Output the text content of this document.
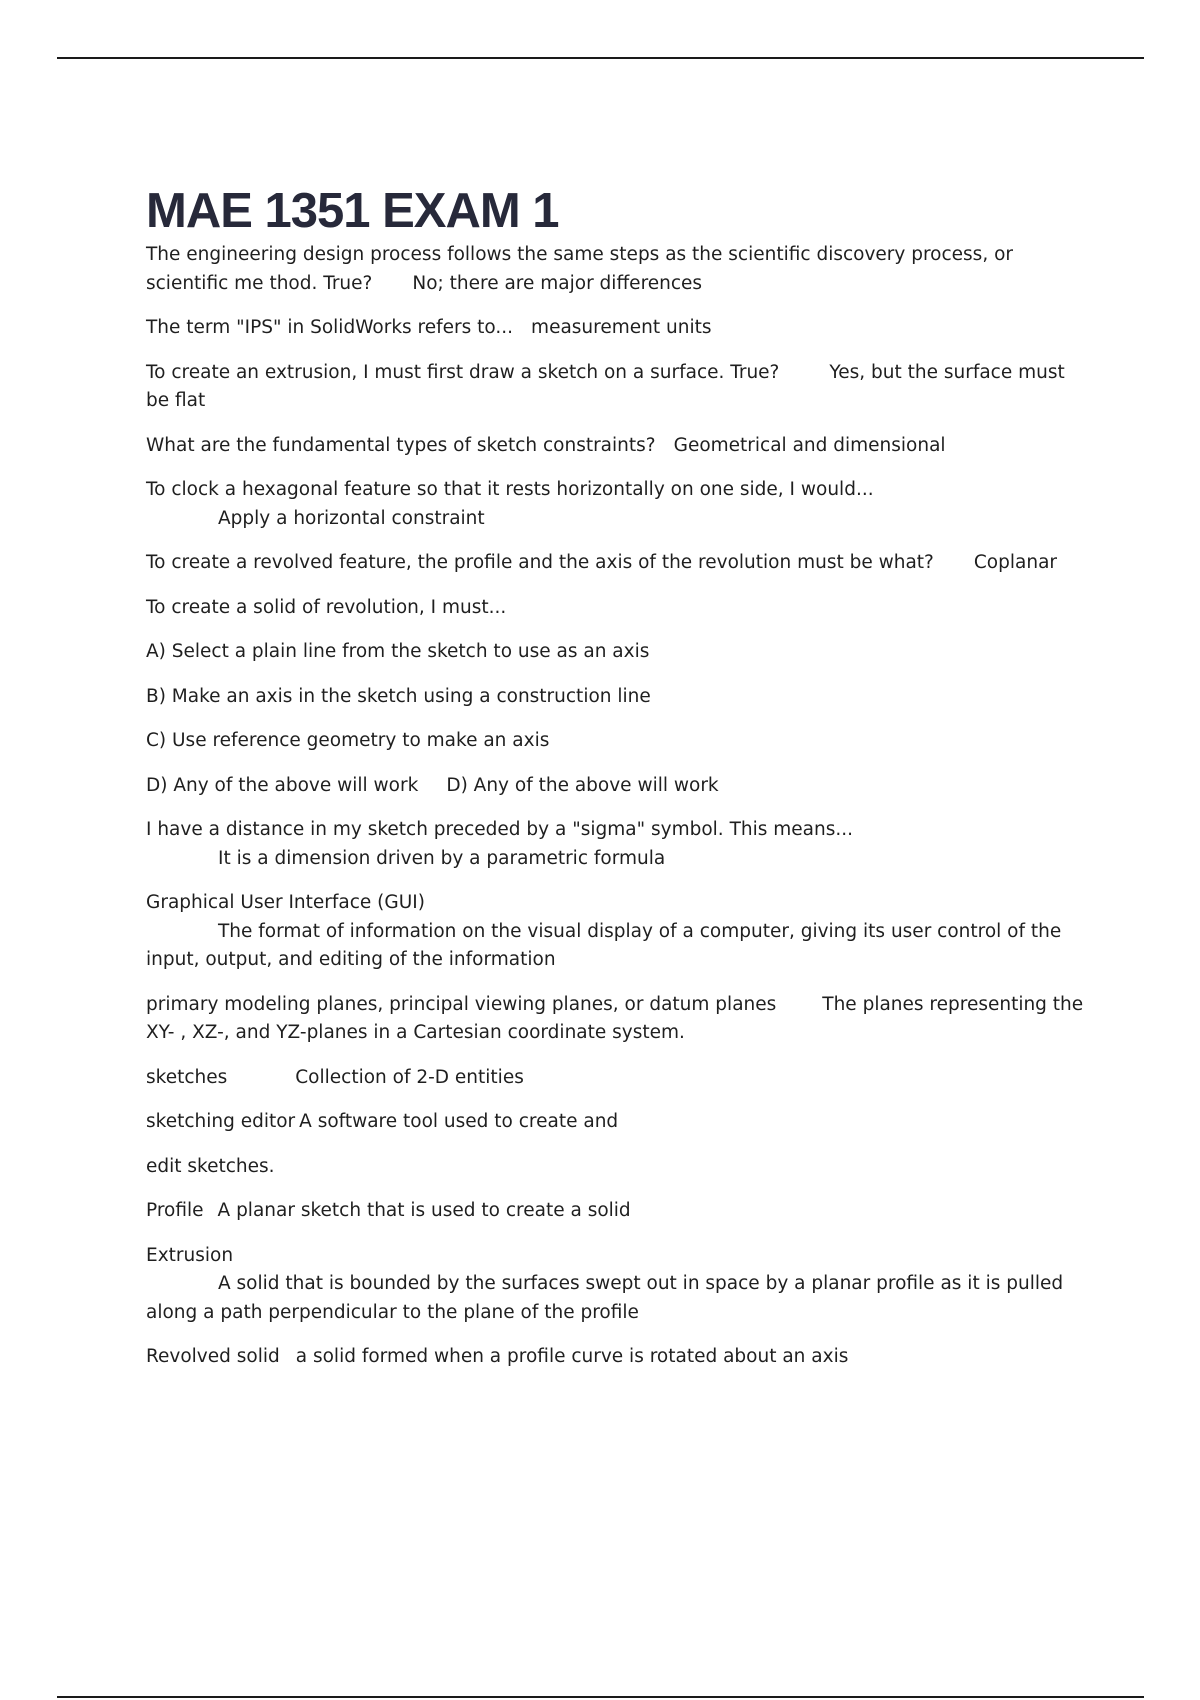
MAE 1351 EXAM 1

The engineering design process follows the same steps as the scientific discovery process, or scientific me thod. True? No; there are major differences

The term "IPS" in SolidWorks refers to... measurement units

To create an extrusion, I must first draw a sketch on a surface. True?	Yes, but the surface must be flat

What are the fundamental types of sketch constraints? Geometrical and dimensional

To clock a hexagonal feature so that it rests horizontally on one side, I would...
Apply a horizontal constraint

To create a revolved feature, the profile and the axis of the revolution must be what? Coplanar

To create a solid of revolution, I must...

A) Select a plain line from the sketch to use as an axis

B) Make an axis in the sketch using a construction line

C) Use reference geometry to make an axis

D) Any of the above will work D) Any of the above will work

I have a distance in my sketch preceded by a "sigma" symbol. This means...
It is a dimension driven by a parametric formula

Graphical User Interface (GUI)
The format of information on the visual display of a computer, giving its user control of the input, output, and editing of the information

primary modeling planes, principal viewing planes, or datum planes The planes representing the XY- , XZ-, and YZ-planes in a Cartesian coordinate system.

sketches	Collection of 2-D entities

sketching editor A software tool used to create and

edit sketches.

Profile A planar sketch that is used to create a solid

Extrusion
A solid that is bounded by the surfaces swept out in space by a planar profile as it is pulled along a path perpendicular to the plane of the profile

Revolved solid a solid formed when a profile curve is rotated about an axis
